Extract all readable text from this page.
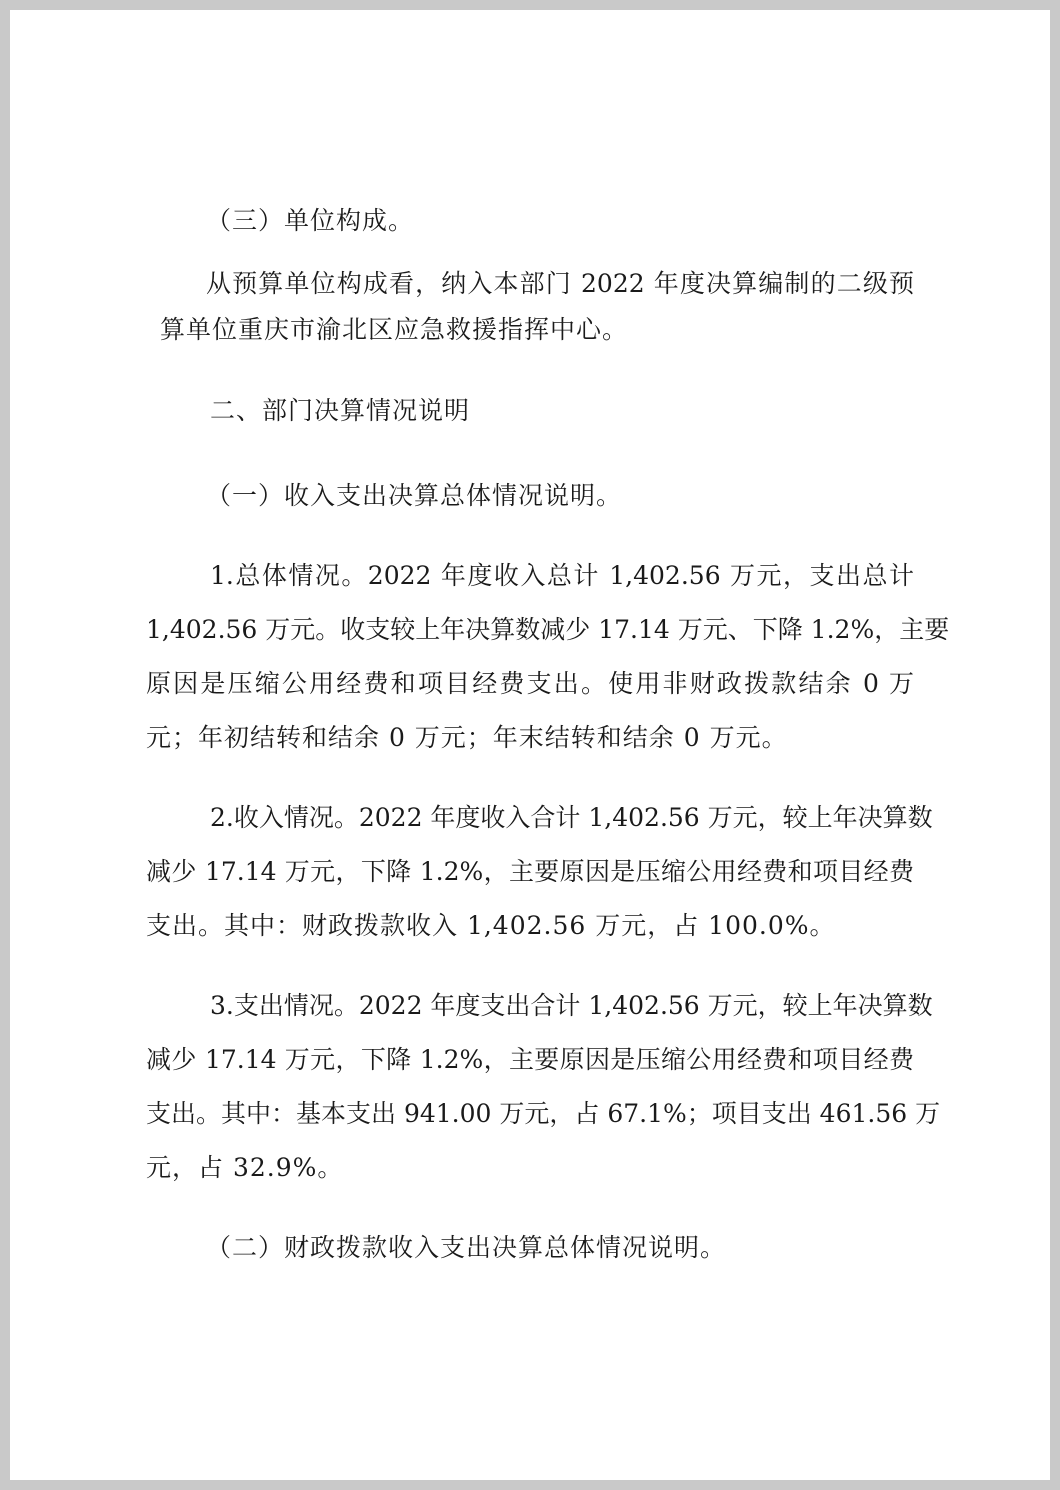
（三）单位构成。
从预算单位构成看，纳入本部门 2022 年度决算编制的二级预
算单位重庆市渝北区应急救援指挥中心。
二、部门决算情况说明
（一）收入支出决算总体情况说明。
1.总体情况。2022 年度收入总计 1,402.56 万元，支出总计
1,402.56 万元。收支较上年决算数减少 17.14 万元、下降 1.2%，主要
原因是压缩公用经费和项目经费支出。使用非财政拨款结余 0 万
元；年初结转和结余 0 万元；年末结转和结余 0 万元。
2.收入情况。2022 年度收入合计 1,402.56 万元，较上年决算数
减少 17.14 万元，下降 1.2%，主要原因是压缩公用经费和项目经费
支出。其中：财政拨款收入 1,402.56 万元，占 100.0%。
3.支出情况。2022 年度支出合计 1,402.56 万元，较上年决算数
减少 17.14 万元，下降 1.2%，主要原因是压缩公用经费和项目经费
支出。其中：基本支出 941.00 万元，占 67.1%；项目支出 461.56 万
元，占 32.9%。
（二）财政拨款收入支出决算总体情况说明。
